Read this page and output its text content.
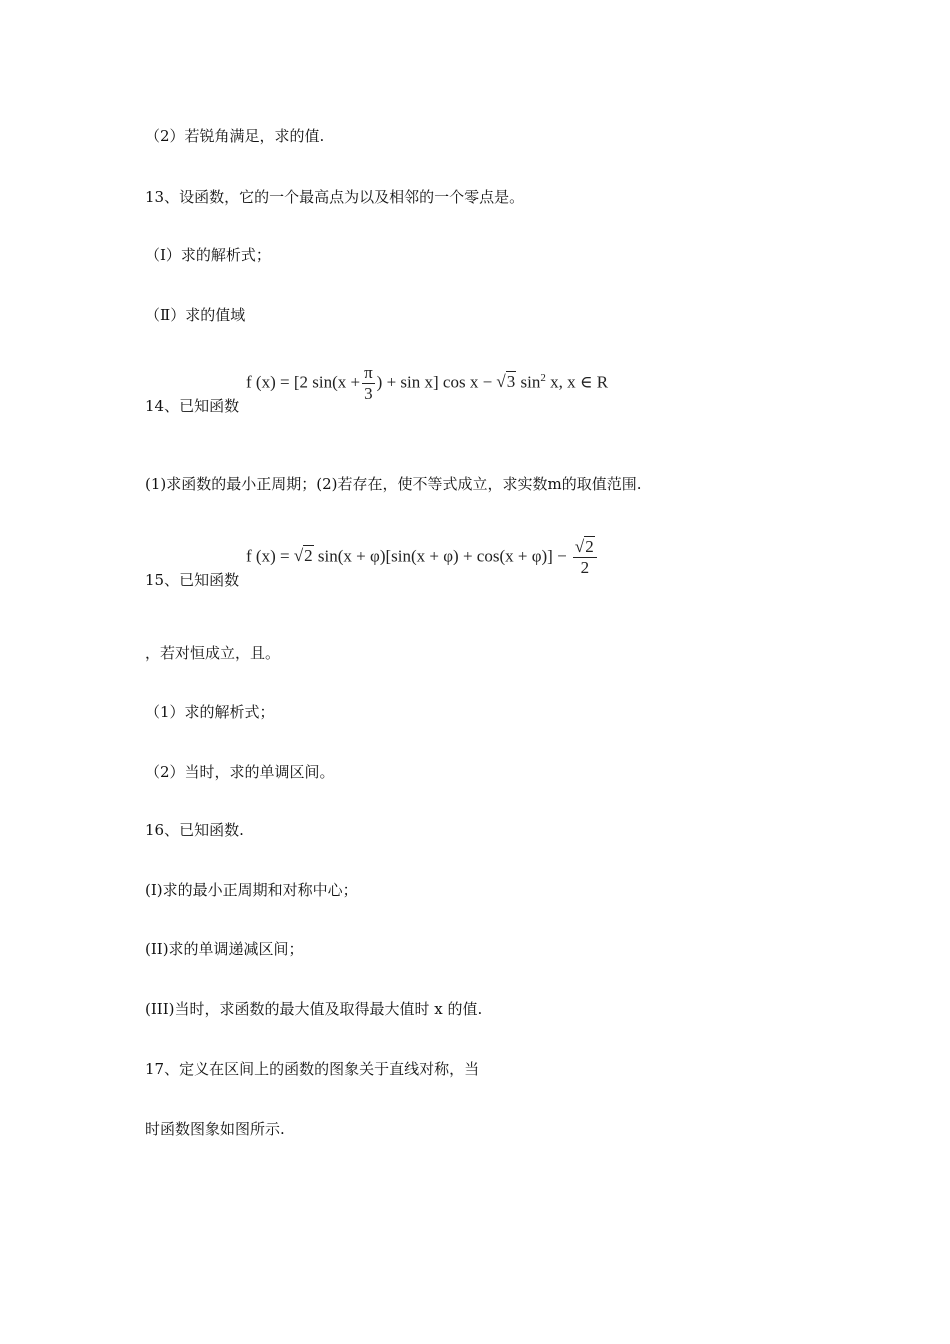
（2）若锐角满足，求的值.
13、设函数，它的一个最高点为以及相邻的一个零点是。
（Ⅰ）求的解析式；
（Ⅱ）求的值域
f (x) = [2 $\sin(x + \frac{\pi}{3}$ ) + sin x] cos x − √3 $\sin^2 x$, x ∈ R
14、已知函数
(1)求函数的最小正周期；(2)若存在，使不等式成立，求实数m的取值范围.
f (x) = √2 $\sin(x + \varphi)[\sin(x + \varphi) + \cos(x + \varphi)] - \frac{√2}{2}$
15、已知函数
，若对恒成立，且。
（1）求的解析式；
（2）当时，求的单调区间。
16、已知函数.
(I)求的最小正周期和对称中心；
(II)求的单调递减区间；
(III)当时，求函数的最大值及取得最大值时 x 的值.
17、定义在区间上的函数的图象关于直线对称，当
时函数图象如图所示.
